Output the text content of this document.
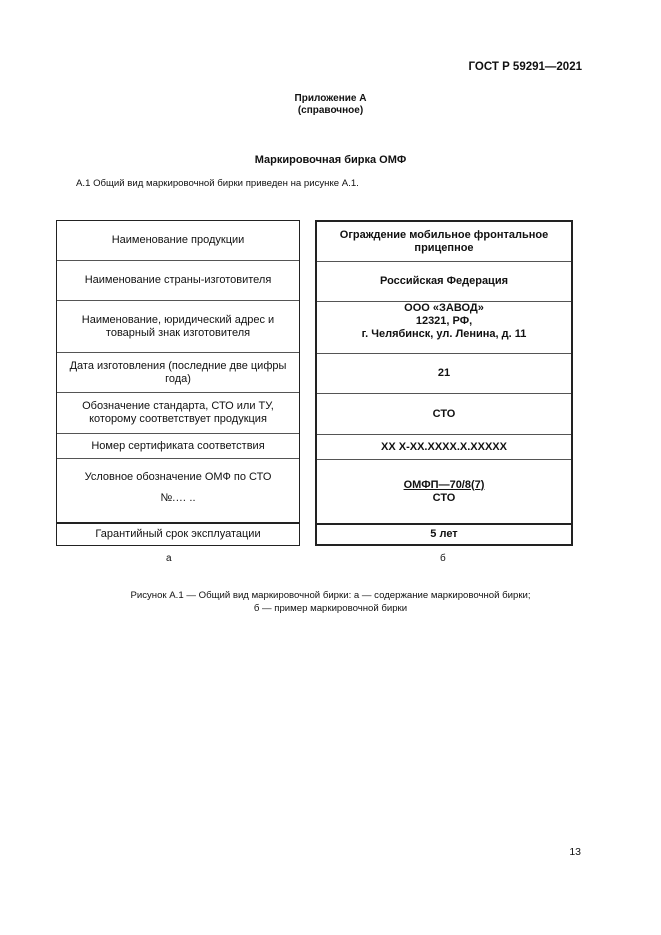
ГОСТ Р 59291—2021
Приложение А
(справочное)
Маркировочная бирка ОМФ
А.1 Общий вид маркировочной бирки приведен на рисунке А.1.
Наименование продукции
Наименование страны-изготовителя
Наименование, юридический адрес и товарный знак изготовителя
Дата изготовления (последние две цифры года)
Обозначение стандарта, СТО или ТУ, которому соответствует продукция
Номер сертификата соответствия
Условное обозначение ОМФ по СТО
№.… ..
Гарантийный срок эксплуатации
Ограждение мобильное фронтальное прицепное
Российская Федерация
ООО «ЗАВОД»
12321, РФ,
г. Челябинск, ул. Ленина, д. 11
21
СТО
ХХ Х-ХХ.ХХХХ.Х.ХХХХХ
ОМФП—70/8(7)
СТО
5 лет
а	б
Рисунок А.1 — Общий вид маркировочной бирки: а — содержание маркировочной бирки;
б — пример маркировочной бирки
13
